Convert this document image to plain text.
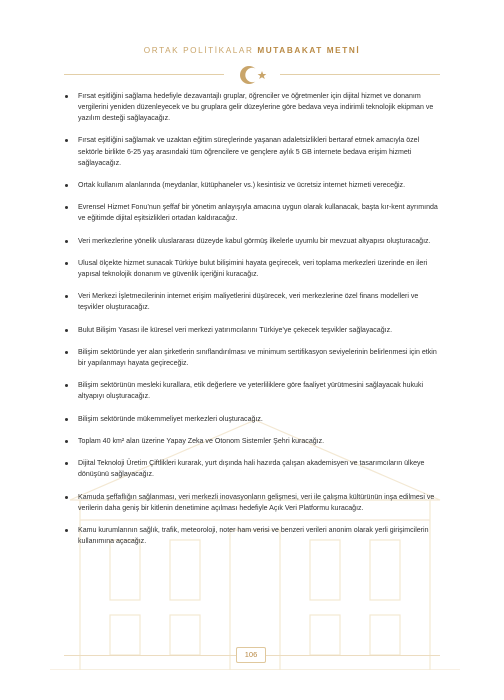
ORTAK POLİTİKALAR MUTABAKAT METNİ
Fırsat eşitliğini sağlama hedefiyle dezavantajlı gruplar, öğrenciler ve öğretmenler için dijital hizmet ve donanım vergilerini yeniden düzenleyecek ve bu gruplara gelir düzeylerine göre bedava veya indirimli teknolojik ekipman ve yazılım desteği sağlayacağız.
Fırsat eşitliğini sağlamak ve uzaktan eğitim süreçlerinde yaşanan adaletsizlikleri bertaraf etmek amacıyla özel sektörle birlikte 6-25 yaş arasındaki tüm öğrencilere ve gençlere aylık 5 GB internete bedava erişim hizmeti sağlayacağız.
Ortak kullanım alanlarında (meydanlar, kütüphaneler vs.) kesintisiz ve ücretsiz internet hizmeti vereceğiz.
Evrensel Hizmet Fonu’nun şeffaf bir yönetim anlayışıyla amacına uygun olarak kullanacak, başta kır-kent ayrımında ve eğitimde dijital eşitsizlikleri ortadan kaldıracağız.
Veri merkezlerine yönelik uluslararası düzeyde kabul görmüş ilkelerle uyumlu bir mevzuat altyapısı oluşturacağız.
Ulusal ölçekte hizmet sunacak Türkiye bulut bilişimini hayata geçirecek, veri toplama merkezleri üzerinde en ileri yapısal teknolojik donanım ve güvenlik içeriğini kuracağız.
Veri Merkezi İşletmecilerinin internet erişim maliyetlerini düşürecek, veri merkezlerine özel finans modelleri ve teşvikler oluşturacağız.
Bulut Bilişim Yasası ile küresel veri merkezi yatırımcılarını Türkiye’ye çekecek teşvikler sağlayacağız.
Bilişim sektöründe yer alan şirketlerin sınıflandırılması ve minimum sertifikasyon seviyelerinin belirlenmesi için etkin bir yapılanmayı hayata geçireceğiz.
Bilişim sektörünün mesleki kurallara, etik değerlere ve yeterliliklere göre faaliyet yürütmesini sağlayacak hukuki altyapıyı oluşturacağız.
Bilişim sektöründe mükemmeliyet merkezleri oluşturacağız.
Toplam 40 km² alan üzerine Yapay Zeka ve Otonom Sistemler Şehri kuracağız.
Dijital Teknoloji Üretim Çiftlikleri kurarak, yurt dışında hali hazırda çalışan akademisyen ve tasarımcıların ülkeye dönüşünü sağlayacağız.
Kamuda şeffaflığın sağlanması, veri merkezli inovasyonların gelişmesi, veri ile çalışma kültürünün inşa edilmesi ve verilerin daha geniş bir kitlenin denetimine açılması hedefiyle Açık Veri Platformu kuracağız.
Kamu kurumlarının sağlık, trafik, meteoroloji, noter ham verisi ve benzeri verileri anonim olarak yerli girişimcilerin kullanımına açacağız.
106
